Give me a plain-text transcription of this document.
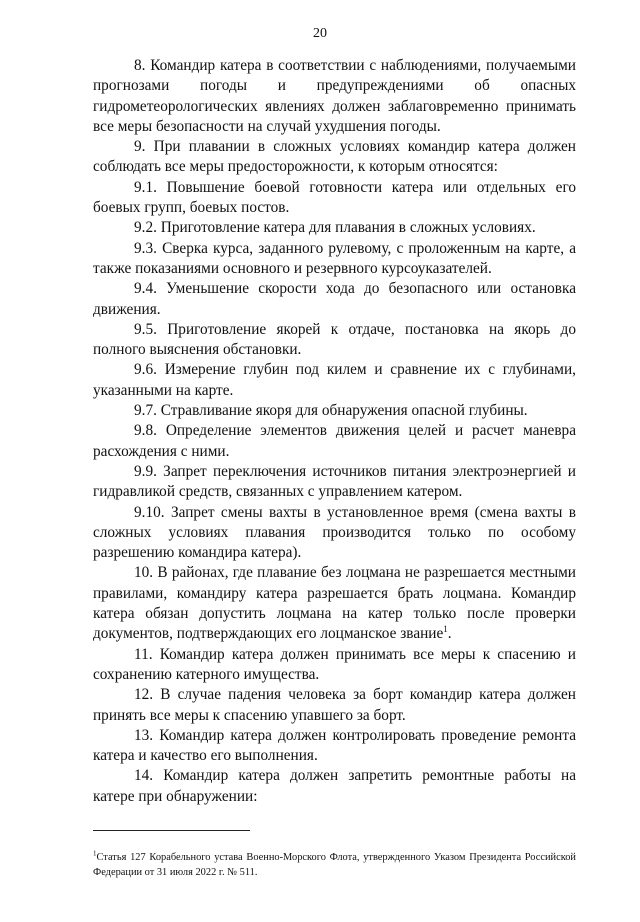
20

8. Командир катера в соответствии с наблюдениями, получаемыми прогнозами погоды и предупреждениями об опасных гидрометеорологических явлениях должен заблаговременно принимать все меры безопасности на случай ухудшения погоды.

9. При плавании в сложных условиях командир катера должен соблюдать все меры предосторожности, к которым относятся:

9.1. Повышение боевой готовности катера или отдельных его боевых групп, боевых постов.

9.2. Приготовление катера для плавания в сложных условиях.

9.3. Сверка курса, заданного рулевому, с проложенным на карте, а также показаниями основного и резервного курсоуказателей.

9.4. Уменьшение скорости хода до безопасного или остановка движения.

9.5. Приготовление якорей к отдаче, постановка на якорь до полного выяснения обстановки.

9.6. Измерение глубин под килем и сравнение их с глубинами, указанными на карте.

9.7. Стравливание якоря для обнаружения опасной глубины.

9.8. Определение элементов движения целей и расчет маневра расхождения с ними.

9.9. Запрет переключения источников питания электроэнергией и гидравликой средств, связанных с управлением катером.

9.10. Запрет смены вахты в установленное время (смена вахты в сложных условиях плавания производится только по особому разрешению командира катера).

10. В районах, где плавание без лоцмана не разрешается местными правилами, командиру катера разрешается брать лоцмана. Командир катера обязан допустить лоцмана на катер только после проверки документов, подтверждающих его лоцманское звание$^1$.

11. Командир катера должен принимать все меры к спасению и сохранению катерного имущества.

12. В случае падения человека за борт командир катера должен принять все меры к спасению упавшего за борт.

13. Командир катера должен контролировать проведение ремонта катера и качество его выполнения.

14. Командир катера должен запретить ремонтные работы на катере при обнаружении:

$^1$Статья 127 Корабельного устава Военно-Морского Флота, утвержденного Указом Президента Российской Федерации от 31 июля 2022 г. № 511.
